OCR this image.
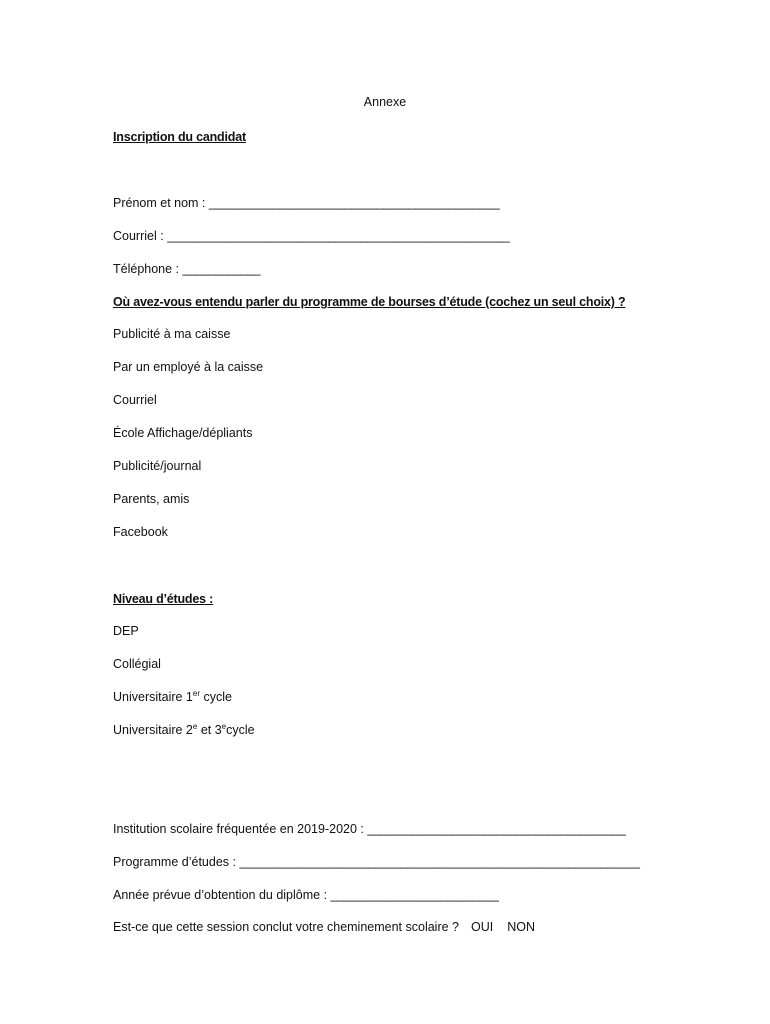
Annexe
Inscription du candidat
Prénom et nom : _____________________________________________
Courriel : _____________________________________________________
Téléphone : ____________
Où avez-vous entendu parler du programme de bourses d’étude (cochez un seul choix) ?
Publicité à ma caisse
Par un employé à la caisse
Courriel
École Affichage/dépliants
Publicité/journal
Parents, amis
Facebook
Niveau d’études :
DEP
Collégial
Universitaire 1er cycle
Universitaire 2e et 3ecycle
Institution scolaire fréquentée en 2019-2020 : ________________________________________
Programme d’études : ______________________________________________________________
Année prévue d’obtention du diplôme : __________________________
Est-ce que cette session conclut votre cheminement scolaire ? OUI NON
